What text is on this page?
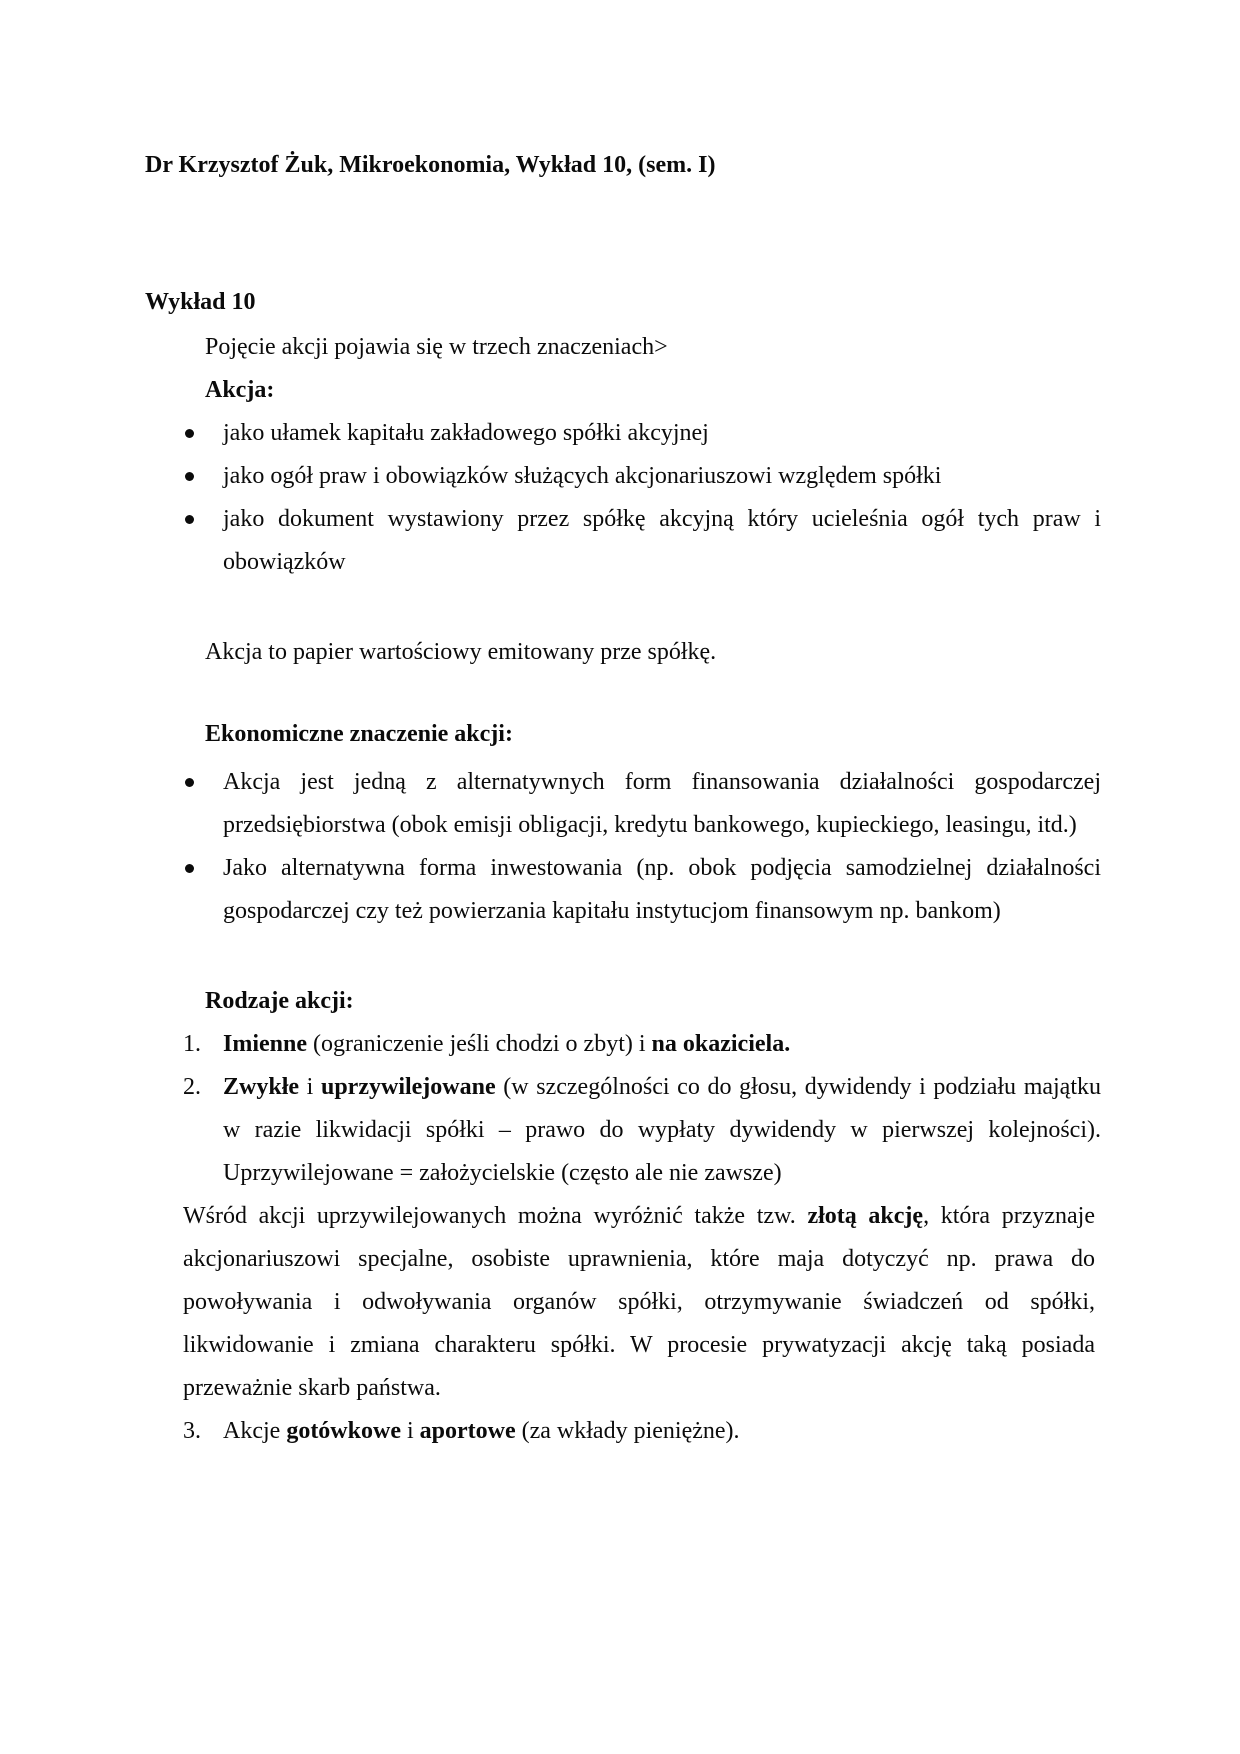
Dr Krzysztof Żuk, Mikroekonomia, Wykład 10, (sem. I)
Wykład 10
Pojęcie akcji pojawia się w trzech znaczeniach>
Akcja:
jako ułamek kapitału zakładowego spółki akcyjnej
jako ogół praw i obowiązków służących akcjonariuszowi względem spółki
jako dokument wystawiony przez spółkę akcyjną który ucieleśnia ogół tych praw i obowiązków
Akcja to papier wartościowy emitowany prze spółkę.
Ekonomiczne znaczenie akcji:
Akcja jest jedną z alternatywnych form finansowania działalności gospodarczej przedsiębiorstwa (obok emisji obligacji, kredytu bankowego, kupieckiego, leasingu, itd.)
Jako alternatywna forma inwestowania (np. obok podjęcia samodzielnej działalności gospodarczej czy też powierzania kapitału instytucjom finansowym np. bankom)
Rodzaje akcji:
1. Imienne (ograniczenie jeśli chodzi o zbyt) i na okaziciela.
2. Zwykłe i uprzywilejowane (w szczególności co do głosu, dywidendy i podziału majątku w razie likwidacji spółki – prawo do wypłaty dywidendy w pierwszej kolejności). Uprzywilejowane = założycielskie (często ale nie zawsze)
Wśród akcji uprzywilejowanych można wyróżnić także tzw. złotą akcję, która przyznaje akcjonariuszowi specjalne, osobiste uprawnienia, które maja dotyczyć np. prawa do powoływania i odwoływania organów spółki, otrzymywanie świadczeń od spółki, likwidowanie i zmiana charakteru spółki. W procesie prywatyzacji akcję taką posiada przeważnie skarb państwa.
3. Akcje gotówkowe i aportowe (za wkłady pieniężne).
